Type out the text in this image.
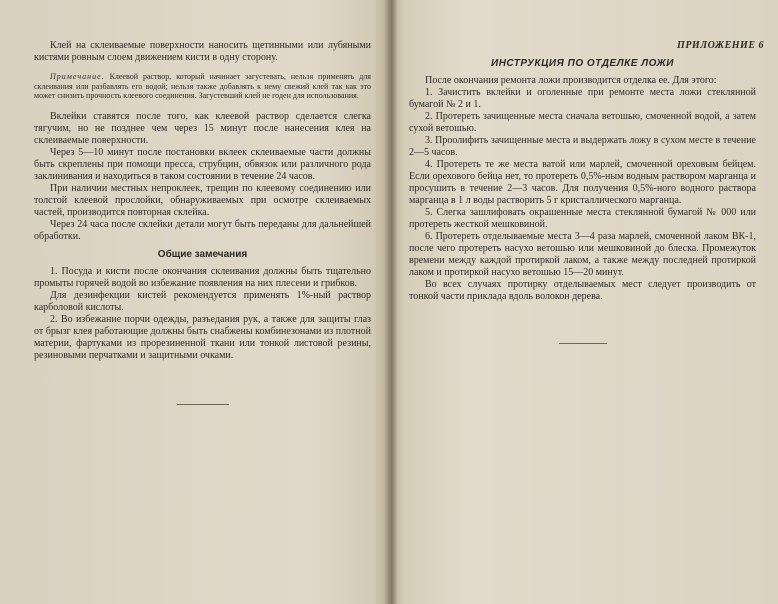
Клей на склеиваемые поверхности наносить щетинными или лубяными кистями ровным слоем движением кисти в одну сторону.

Примечание. Клеевой раствор, который начинает загустевать, нельзя применять для склеивания или разбавлять его водой; нельзя также добавлять к нему свежий клей так как это может снизить прочность клеевого соединения. Загустевший клей не годен для использования.

Вклейки ставятся после того, как клеевой раствор сделается слегка тягучим, но не позднее чем через 15 минут после нанесения клея на склеиваемые поверхности.

Через 5—10 минут после постановки вклеек склеиваемые части должны быть скреплены при помощи пресса, струбцин, обвязок или различного рода заклинивания и находиться в таком состоянии в течение 24 часов.

При наличии местных непроклеек, трещин по клеевому соединению или толстой клеевой прослойки, обнаруживаемых при осмотре склеиваемых частей, производится повторная склейка.

Через 24 часа после склейки детали могут быть переданы для дальнейшей обработки.

Общие замечания

1. Посуда и кисти после окончания склеивания должны быть тщательно промыты горячей водой во избежание появления на них плесени и грибков.

Для дезинфекции кистей рекомендуется применять 1%-ный раствор карболовой кислоты.

2. Во избежание порчи одежды, разъедания рук, а также для защиты глаз от брызг клея работающие должны быть снабжены комбинезонами из плотной материи, фартуками из прорезиненной ткани или тонкой листовой резины, резиновыми перчатками и защитными очками.

ПРИЛОЖЕНИЕ 6
ИНСТРУКЦИЯ ПО ОТДЕЛКЕ ЛОЖИ

После окончания ремонта ложи производится отделка ее. Для этого:

1. Зачистить вклейки и оголенные при ремонте места ложи стеклянной бумагой № 2 и 1.

2. Протереть зачищенные места сначала ветошью, смоченной водой, а затем сухой ветошью.

3. Проолифить зачищенные места и выдержать ложу в сухом месте в течение 2—5 часов.

4. Протереть те же места ватой или марлей, смоченной ореховым бейцем. Если орехового бейца нет, то протереть 0,5%-ным водным раствором марганца и просушить в течение 2—3 часов. Для получения 0,5%-ного водного раствора марганца в 1 л воды растворить 5 г кристаллического марганца.

5. Слегка зашлифовать окрашенные места стеклянной бумагой № 000 или протереть жесткой мешковиной.

6. Протереть отделываемые места 3—4 раза марлей, смоченной лаком ВК-1, после чего протереть насухо ветошью или мешковиной до блеска. Промежуток времени между каждой протиркой лаком, а также между последней протиркой лаком и протиркой насухо ветошью 15—20 минут.

Во всех случаях протирку отделываемых мест следует производить от тонкой части приклада вдоль волокон дерева.
